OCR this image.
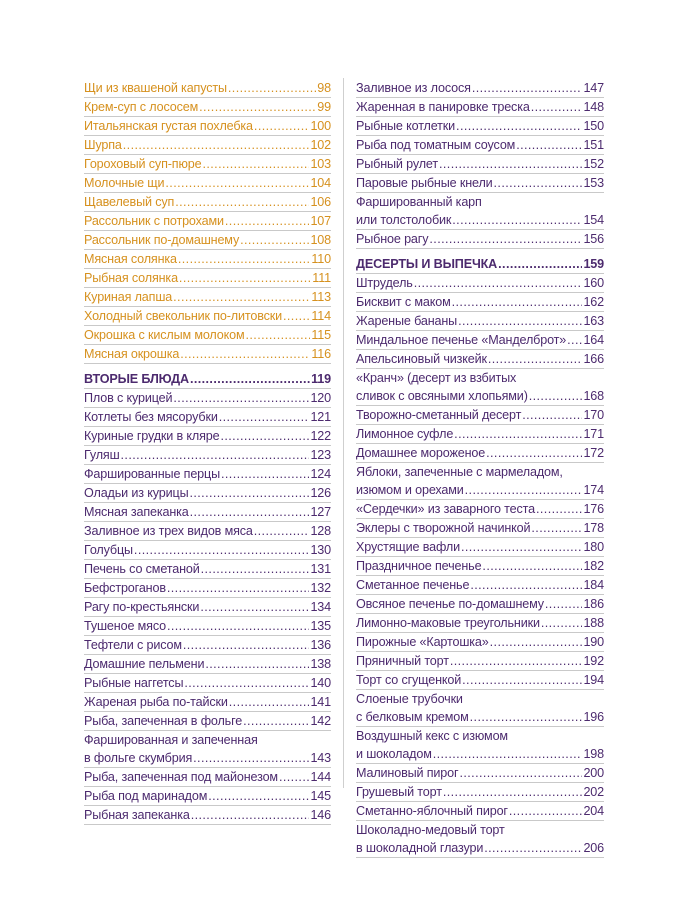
Щи из квашеной капусты .....	98
Крем-суп с лососем .....	99
Итальянская густая похлебка .....	100
Шурпа .....	102
Гороховый суп-пюре .....	103
Молочные щи .....	104
Щавелевый суп .....	106
Рассольник с потрохами .....	107
Рассольник по-домашнему .....	108
Мясная солянка .....	110
Рыбная солянка .....	111
Куриная лапша .....	113
Холодный свекольник по-литовски ..... 114
Окрошка с кислым молоком .....	115
Мясная окрошка .....	116
ВТОРЫЕ БЛЮДА .....	119
Плов с курицей .....	120
Котлеты без мясорубки .....	121
Куриные грудки в кляре .....	122
Гуляш .....	123
Фаршированные перцы .....	124
Оладьи из курицы .....	126
Мясная запеканка .....	127
Заливное из трех видов мяса .....	128
Голубцы .....	130
Печень со сметаной .....	131
Бефстроганов .....	132
Рагу по-крестьянски .....	134
Тушеное мясо .....	135
Тефтели с рисом .....	136
Домашние пельмени .....	138
Рыбные наггетсы .....	140
Жареная рыба по-тайски .....	141
Рыба, запеченная в фольге .....	142
Фаршированная и запеченная
в фольге скумбрия .....	143
Рыба, запеченная под майонезом .....	144
Рыба под маринадом .....	145
Рыбная запеканка .....	146
Заливное из лосося .....	147
Жаренная в панировке треска .....	148
Рыбные котлетки .....	150
Рыба под томатным соусом .....	151
Рыбный рулет .....	152
Паровые рыбные кнели .....	153
Фаршированный карп
или толстолобик .....	154
Рыбное рагу .....	156
ДЕСЕРТЫ И ВЫПЕЧКА .....	159
Штрудель .....	160
Бисквит с маком .....	162
Жареные бананы .....	163
Миндальное печенье «Манделброт» ..... 164
Апельсиновый чизкейк .....	166
«Кранч» (десерт из взбитых
сливок с овсяными хлопьями) .....	168
Творожно-сметанный десерт .....	170
Лимонное суфле .....	171
Домашнее мороженое .....	172
Яблоки, запеченные с мармеладом,
изюмом и орехами .....	174
«Сердечки» из заварного теста .....	176
Эклеры с творожной начинкой .....	178
Хрустящие вафли .....	180
Праздничное печенье .....	182
Сметанное печенье .....	184
Овсяное печенье по-домашнему .....	186
Лимонно-маковые треугольники .....	188
Пирожные «Картошка» .....	190
Пряничный торт .....	192
Торт со сгущенкой .....	194
Слоеные трубочки
с белковым кремом .....	196
Воздушный кекс с изюмом
и шоколадом .....	198
Малиновый пирог .....	200
Грушевый торт .....	202
Сметанно-яблочный пирог .....	204
Шоколадно-медовый торт
в шоколадной глазури .....	206
